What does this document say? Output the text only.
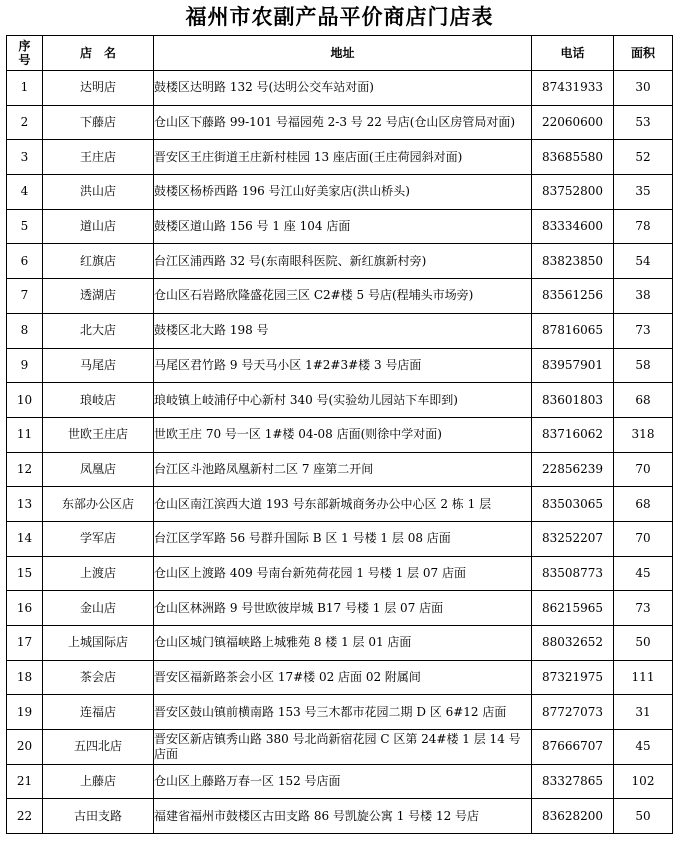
福州市农副产品平价商店门店表
序
号	店　名	地址	电话	面积
1	达明店	鼓楼区达明路 132 号(达明公交车站对面)	87431933	30
2	下藤店	仓山区下藤路 99-101 号福园苑 2-3 号 22 号店(仓山区房管局对面)	22060600	53
3	王庄店	晋安区王庄街道王庄新村桂园 13 座店面(王庄荷园斜对面)	83685580	52
4	洪山店	鼓楼区杨桥西路 196 号江山好美家店(洪山桥头)	83752800	35
5	道山店	鼓楼区道山路 156 号 1 座 104 店面	83334600	78
6	红旗店	台江区浦西路 32 号(东南眼科医院、新红旗新村旁)	83823850	54
7	透湖店	仓山区石岩路欣隆盛花园三区 C2#楼 5 号店(程埔头市场旁)	83561256	38
8	北大店	鼓楼区北大路 198 号	87816065	73
9	马尾店	马尾区君竹路 9 号天马小区 1#2#3#楼 3 号店面	83957901	58
10	琅岐店	琅岐镇上岐浦仔中心新村 340 号(实验幼儿园站下车即到)	83601803	68
11	世欧王庄店	世欧王庄 70 号一区 1#楼 04-08 店面(则徐中学对面)	83716062	318
12	凤凰店	台江区斗池路凤凰新村二区 7 座第二开间	22856239	70
13	东部办公区店	仓山区南江滨西大道 193 号东部新城商务办公中心区 2 栋 1 层	83503065	68
14	学军店	台江区学军路 56 号群升国际 B 区 1 号楼 1 层 08 店面	83252207	70
15	上渡店	仓山区上渡路 409 号南台新苑荷花园 1 号楼 1 层 07 店面	83508773	45
16	金山店	仓山区林洲路 9 号世欧彼岸城 B17 号楼 1 层 07 店面	86215965	73
17	上城国际店	仓山区城门镇福峡路上城雅苑 8 楼 1 层 01 店面	88032652	50
18	茶会店	晋安区福新路茶会小区 17#楼 02 店面 02 附属间	87321975	111
19	连福店	晋安区鼓山镇前横南路 153 号三木都市花园二期 D 区 6#12 店面	87727073	31
20	五四北店	晋安区新店镇秀山路 380 号北尚新宿花园 C 区第 24#楼 1 层 14 号店面	87666707	45
21	上藤店	仓山区上藤路万春一区 152 号店面	83327865	102
22	古田支路	福建省福州市鼓楼区古田支路 86 号凯旋公寓 1 号楼 12 号店	83628200	50
